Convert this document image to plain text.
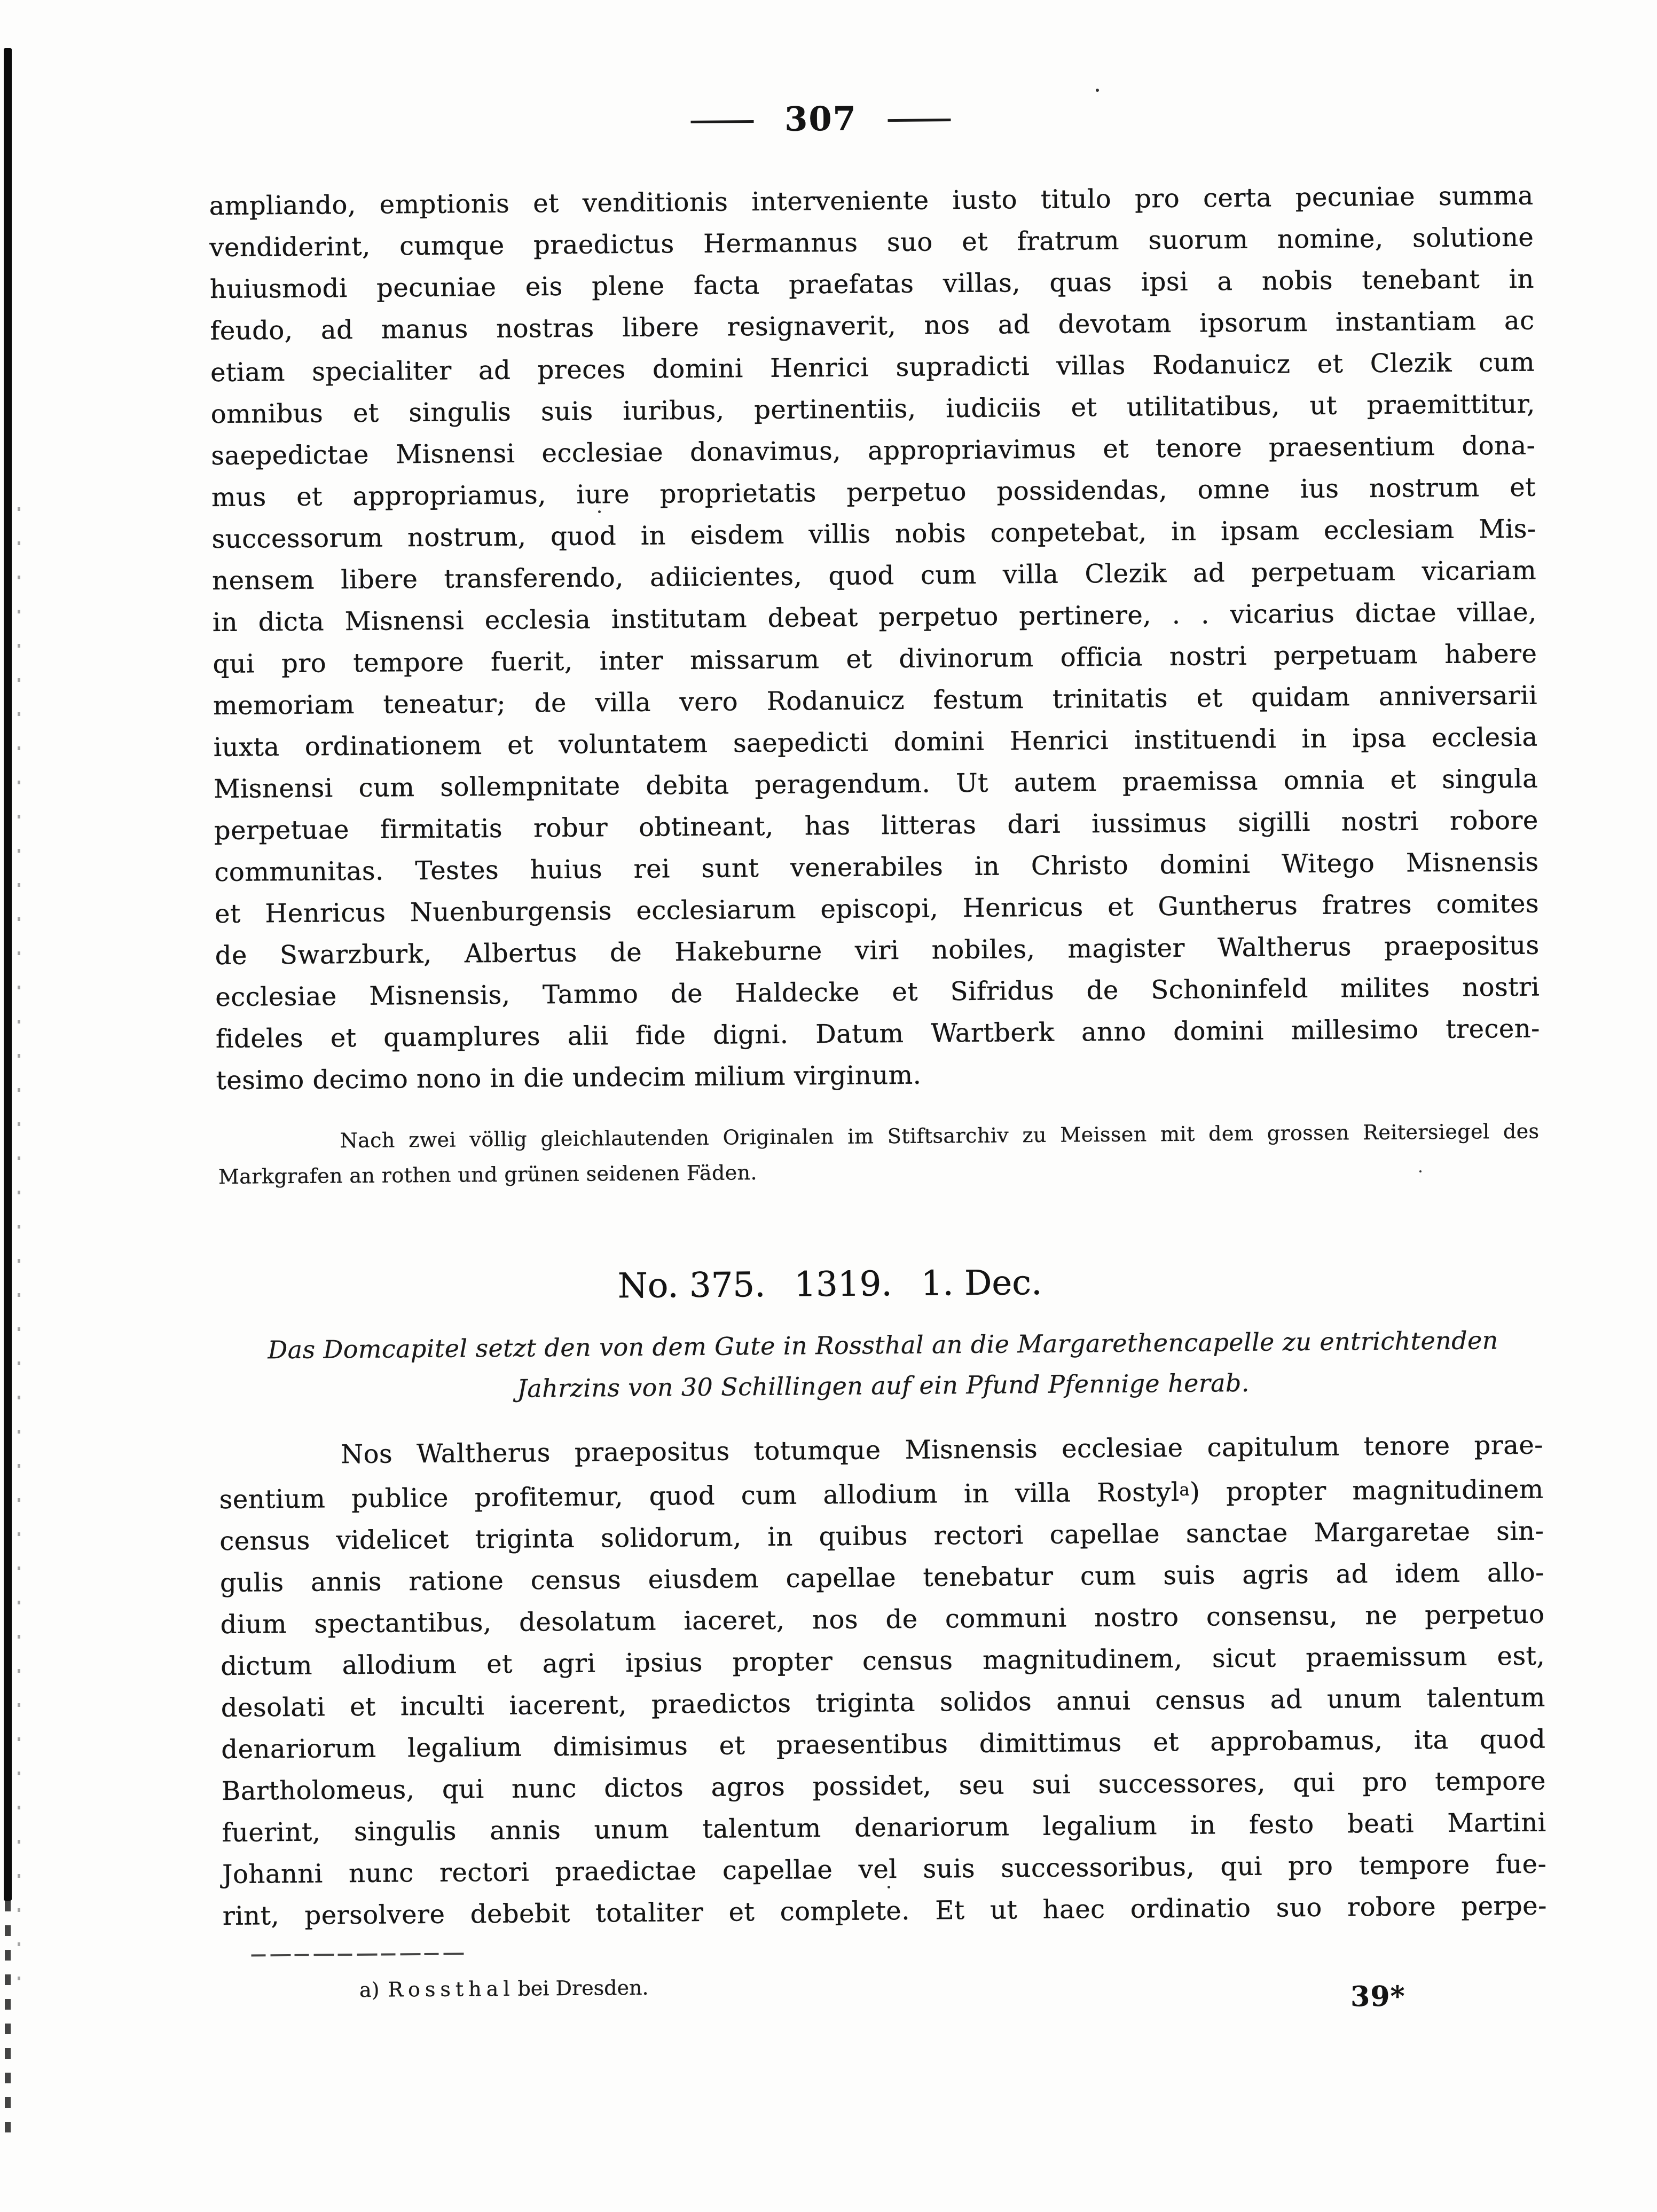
307
ampliando, emptionis et venditionis interveniente iusto titulo pro certa pecuniae summa
vendiderint, cumque praedictus Hermannus suo et fratrum suorum nomine, solutione
huiusmodi pecuniae eis plene facta praefatas villas, quas ipsi a nobis tenebant in
feudo, ad manus nostras libere resignaverit, nos ad devotam ipsorum instantiam ac
etiam specialiter ad preces domini Henrici supradicti villas Rodanuicz et Clezik cum
omnibus et singulis suis iuribus, pertinentiis, iudiciis et utilitatibus, ut praemittitur,
saepedictae Misnensi ecclesiae donavimus, appropriavimus et tenore praesentium dona-
mus et appropriamus, iure proprietatis perpetuo possidendas, omne ius nostrum et
successorum nostrum, quod in eisdem villis nobis conpetebat, in ipsam ecclesiam Mis-
nensem libere transferendo, adiicientes, quod cum villa Clezik ad perpetuam vicariam
in dicta Misnensi ecclesia institutam debeat perpetuo pertinere, . . vicarius dictae villae,
qui pro tempore fuerit, inter missarum et divinorum officia nostri perpetuam habere
memoriam teneatur; de villa vero Rodanuicz festum trinitatis et quidam anniversarii
iuxta ordinationem et voluntatem saepedicti domini Henrici instituendi in ipsa ecclesia
Misnensi cum sollempnitate debita peragendum. Ut autem praemissa omnia et singula
perpetuae firmitatis robur obtineant, has litteras dari iussimus sigilli nostri robore
communitas. Testes huius rei sunt venerabiles in Christo domini Witego Misnensis
et Henricus Nuenburgensis ecclesiarum episcopi, Henricus et Guntherus fratres comites
de Swarzburk, Albertus de Hakeburne viri nobiles, magister Waltherus praepositus
ecclesiae Misnensis, Tammo de Haldecke et Sifridus de Schoninfeld milites nostri
fideles et quamplures alii fide digni. Datum Wartberk anno domini millesimo trecen-
tesimo decimo nono in die undecim milium virginum.
Nach zwei völlig gleichlautenden Originalen im Stiftsarchiv zu Meissen mit dem grossen Reitersiegel des
Markgrafen an rothen und grünen seidenen Fäden.
No. 375. 1319. 1. Dec.
Das Domcapitel setzt den von dem Gute in Rossthal an die Margarethencapelle zu entrichtenden
Jahrzins von 30 Schillingen auf ein Pfund Pfennige herab.
Nos Waltherus praepositus totumque Misnensis ecclesiae capitulum tenore prae-
sentium publice profitemur, quod cum allodium in villa Rostyl$^a$) propter magnitudinem
census videlicet triginta solidorum, in quibus rectori capellae sanctae Margaretae sin-
gulis annis ratione census eiusdem capellae tenebatur cum suis agris ad idem allo-
dium spectantibus, desolatum iaceret, nos de communi nostro consensu, ne perpetuo
dictum allodium et agri ipsius propter census magnitudinem, sicut praemissum est,
desolati et inculti iacerent, praedictos triginta solidos annui census ad unum talentum
denariorum legalium dimisimus et praesentibus dimittimus et approbamus, ita quod
Bartholomeus, qui nunc dictos agros possidet, seu sui successores, qui pro tempore
fuerint, singulis annis unum talentum denariorum legalium in festo beati Martini
Johanni nunc rectori praedictae capellae vel suis successoribus, qui pro tempore fue-
rint, persolvere debebit totaliter et complete. Et ut haec ordinatio suo robore perpe-
a) Rossthal bei Dresden.	39*
